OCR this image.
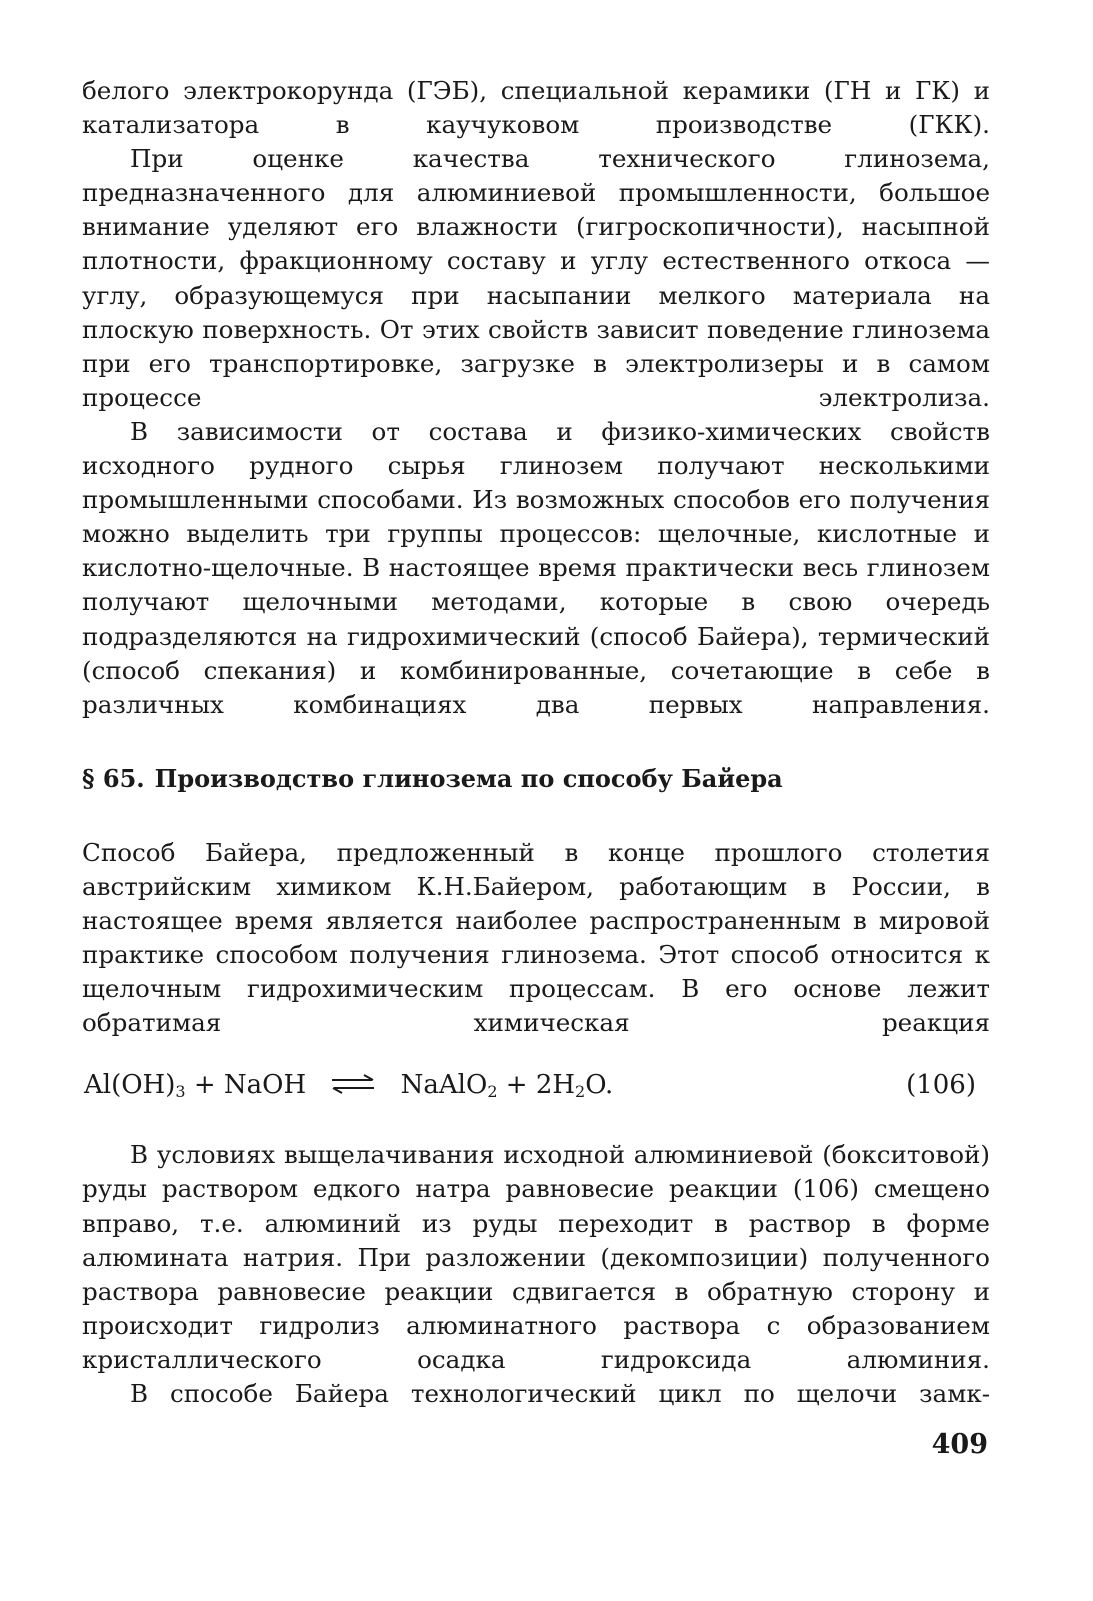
белого электрокорунда (ГЭБ), специальной керамики (ГН и ГК) и катализатора в каучуковом производстве (ГКК).

При оценке качества технического глинозема, предназначенного для алюминиевой промышленности, большое внимание уделяют его влажности (гигроскопичности), насыпной плотности, фракционному составу и углу естественного откоса — углу, образующемуся при насыпании мелкого материала на плоскую поверхность. От этих свойств зависит поведение глинозема при его транспортировке, загрузке в электролизеры и в самом процессе электролиза.

В зависимости от состава и физико-химических свойств исходного рудного сырья глинозем получают несколькими промышленными способами. Из возможных способов его получения можно выделить три группы процессов: щелочные, кислотные и кислотно-щелочные. В настоящее время практически весь глинозем получают щелочными методами, которые в свою очередь подразделяются на гидрохимический (способ Байера), термический (способ спекания) и комбинированные, сочетающие в себе в различных комбинациях два первых направления.

§ 65. Производство глинозема по способу Байера

Способ Байера, предложенный в конце прошлого столетия австрийским химиком К.Н.Байером, работающим в России, в настоящее время является наиболее распространенным в мировой практике способом получения глинозема. Этот способ относится к щелочным гидрохимическим процессам. В его основе лежит обратимая химическая реакция

$Al(OH)_3$ + NaOH ⇌ NaAlO$_2$ + $2H_2O$.	(106)

В условиях выщелачивания исходной алюминиевой (бокситовой) руды раствором едкого натра равновесие реакции (106) смещено вправо, т.е. алюминий из руды переходит в раствор в форме алюмината натрия. При разложении (декомпозиции) полученного раствора равновесие реакции сдвигается в обратную сторону и происходит гидролиз алюминатного раствора с образованием кристаллического осадка гидроксида алюминия.

В способе Байера технологический цикл по щелочи замк-

409
